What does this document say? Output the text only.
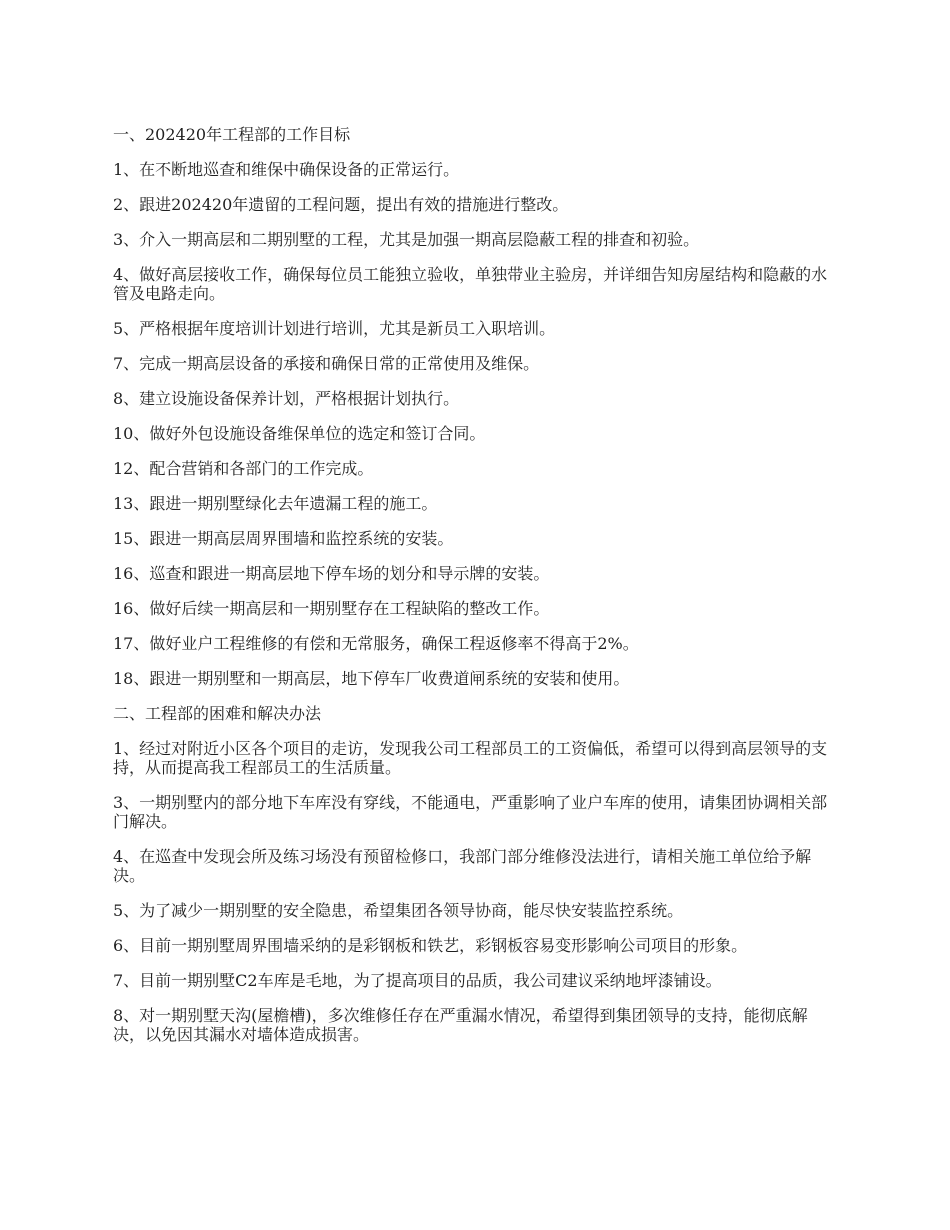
一、202420年工程部的工作目标

1、在不断地巡查和维保中确保设备的正常运行。

2、跟进202420年遗留的工程问题，提出有效的措施进行整改。

3、介入一期高层和二期别墅的工程，尤其是加强一期高层隐蔽工程的排查和初验。

4、做好高层接收工作，确保每位员工能独立验收，单独带业主验房，并详细告知房屋结构和隐蔽的水管及电路走向。

5、严格根据年度培训计划进行培训，尤其是新员工入职培训。

7、完成一期高层设备的承接和确保日常的正常使用及维保。

8、建立设施设备保养计划，严格根据计划执行。

10、做好外包设施设备维保单位的选定和签订合同。

12、配合营销和各部门的工作完成。

13、跟进一期别墅绿化去年遗漏工程的施工。

15、跟进一期高层周界围墙和监控系统的安装。

16、巡查和跟进一期高层地下停车场的划分和导示牌的安装。

16、做好后续一期高层和一期别墅存在工程缺陷的整改工作。

17、做好业户工程维修的有偿和无常服务，确保工程返修率不得高于2%。

18、跟进一期别墅和一期高层，地下停车厂收费道闸系统的安装和使用。

二、工程部的困难和解决办法

1、经过对附近小区各个项目的走访，发现我公司工程部员工的工资偏低，希望可以得到高层领导的支持，从而提高我工程部员工的生活质量。

3、一期别墅内的部分地下车库没有穿线，不能通电，严重影响了业户车库的使用，请集团协调相关部门解决。

4、在巡查中发现会所及练习场没有预留检修口，我部门部分维修没法进行，请相关施工单位给予解决。

5、为了减少一期别墅的安全隐患，希望集团各领导协商，能尽快安装监控系统。

6、目前一期别墅周界围墙采纳的是彩钢板和铁艺，彩钢板容易变形影响公司项目的形象。

7、目前一期别墅C2车库是毛地，为了提高项目的品质，我公司建议采纳地坪漆铺设。

8、对一期别墅天沟(屋檐槽)，多次维修任存在严重漏水情况，希望得到集团领导的支持，能彻底解决，以免因其漏水对墙体造成损害。
